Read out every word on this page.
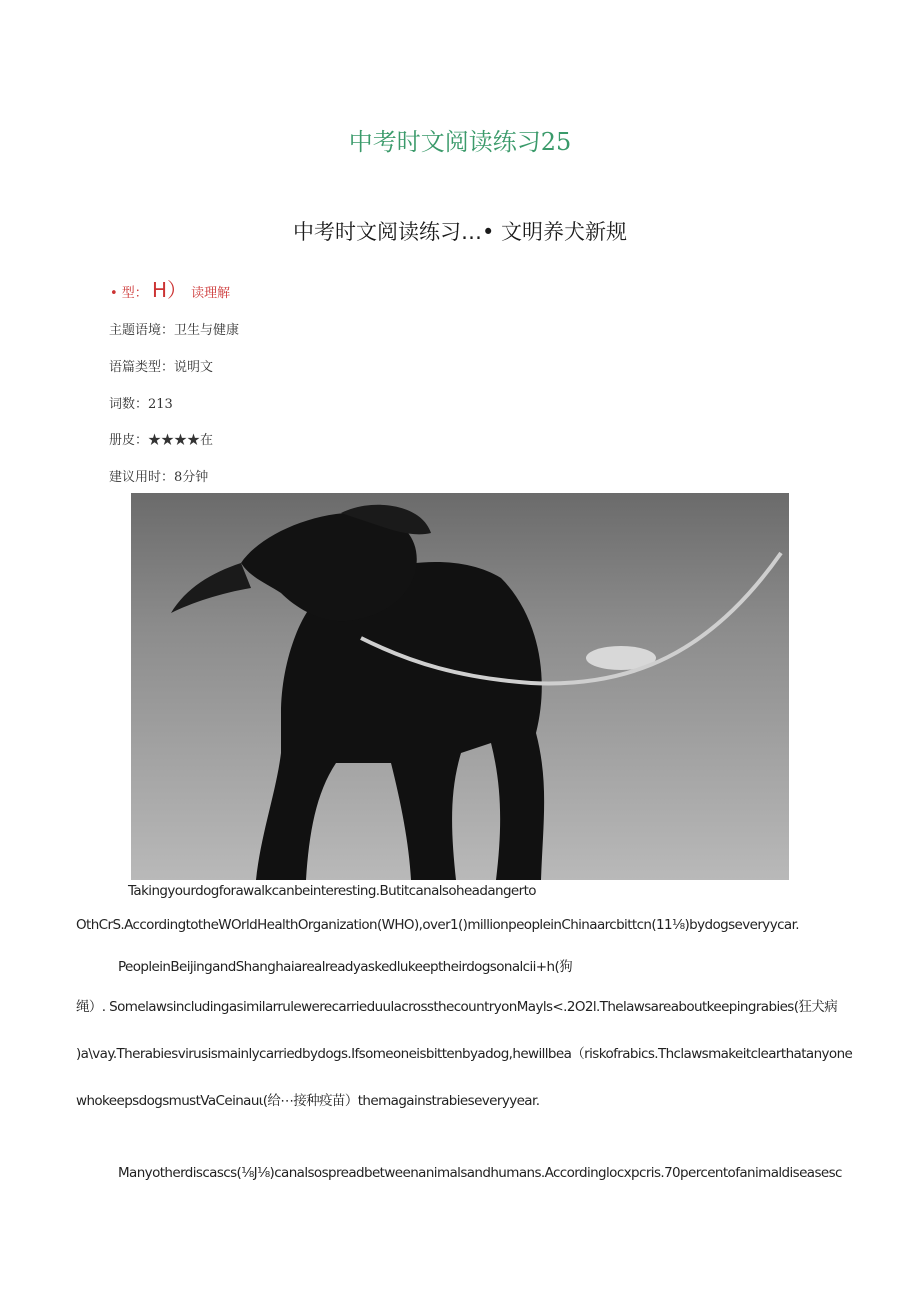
中考时文阅读练习25
中考时文阅读练习…• 文明养犬新规
• 型： H） 读理解
主题语境：卫生与健康
语篇类型：说明文
词数：213
册皮：★★★★在
建议用时：8分钟
Takingyourdogforawalkcanbeinteresting.Butitcanalsoheadangerto
OthCrS.AccordingtotheWOrldHealthOrganization(WHO),over1()millionpeopleinChinaarcbittcn(11⅛)bydogseveryycar.
PeopleinBeijingandShanghaiarealreadyaskedlukeeptheirdogsonalcii+h(狗
绳）. SomelawsincludingasimilarrulewerecarrieduulacrossthecountryonMayls<.2O2l.Thelawsareaboutkeepingrabies(狂犬病
)a\vay.Therabiesvirusismainlycarriedbydogs.Ifsomeoneisbittenbyadog,hewillbea（riskofrabics.Thclawsmakeitclearthatanyone
whokeepsdogsmustVaCeinauι(给⋯接种疫苗）themagainstrabieseveryyear.
Manyotherdiscascs(⅛J⅛)canalsospreadbetweenanimalsandhumans.Accordinglocxpcris.70percentofanimaldiseasesc
